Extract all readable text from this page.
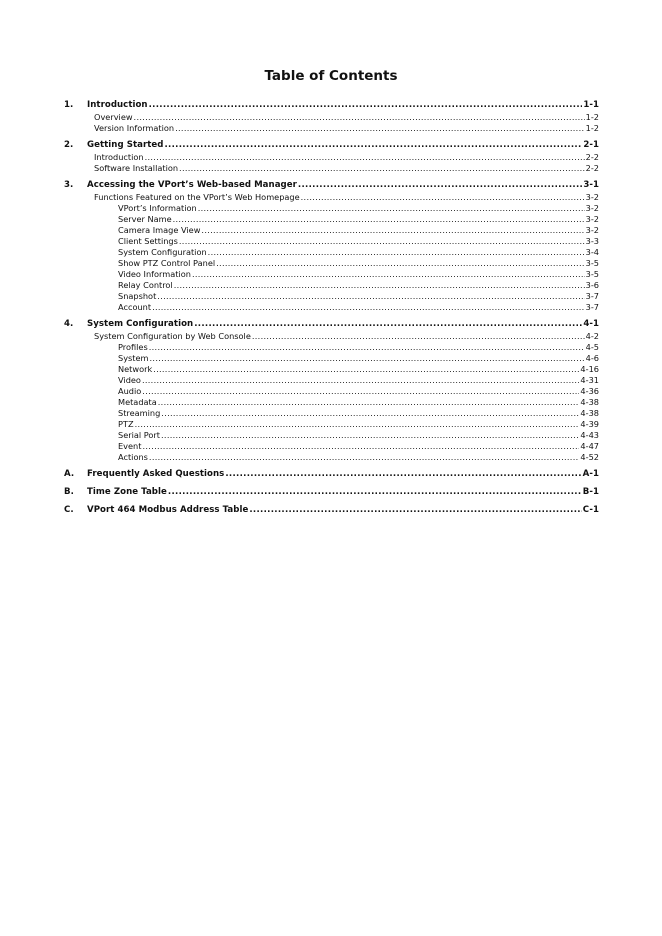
Table of Contents
1.	Introduction .....	1-1
Overview .....	1-2
Version Information .....	1-2
2.	Getting Started .....	2-1
Introduction .....	2-2
Software Installation .....	2-2
3.	Accessing the VPort’s Web-based Manager .....	3-1
Functions Featured on the VPort’s Web Homepage .....	3-2
VPort’s Information .....	3-2
Server Name .....	3-2
Camera Image View .....	3-2
Client Settings .....	3-3
System Configuration .....	3-4
Show PTZ Control Panel .....	3-5
Video Information .....	3-5
Relay Control .....	3-6
Snapshot .....	3-7
Account .....	3-7
4.	System Configuration .....	4-1
System Configuration by Web Console .....	4-2
Profiles .....	4-5
System .....	4-6
Network .....	4-16
Video .....	4-31
Audio .....	4-36
Metadata .....	4-38
Streaming .....	4-38
PTZ .....	4-39
Serial Port .....	4-43
Event .....	4-47
Actions .....	4-52
A.	Frequently Asked Questions .....	A-1
B.	Time Zone Table .....	B-1
C.	VPort 464 Modbus Address Table .....	C-1
